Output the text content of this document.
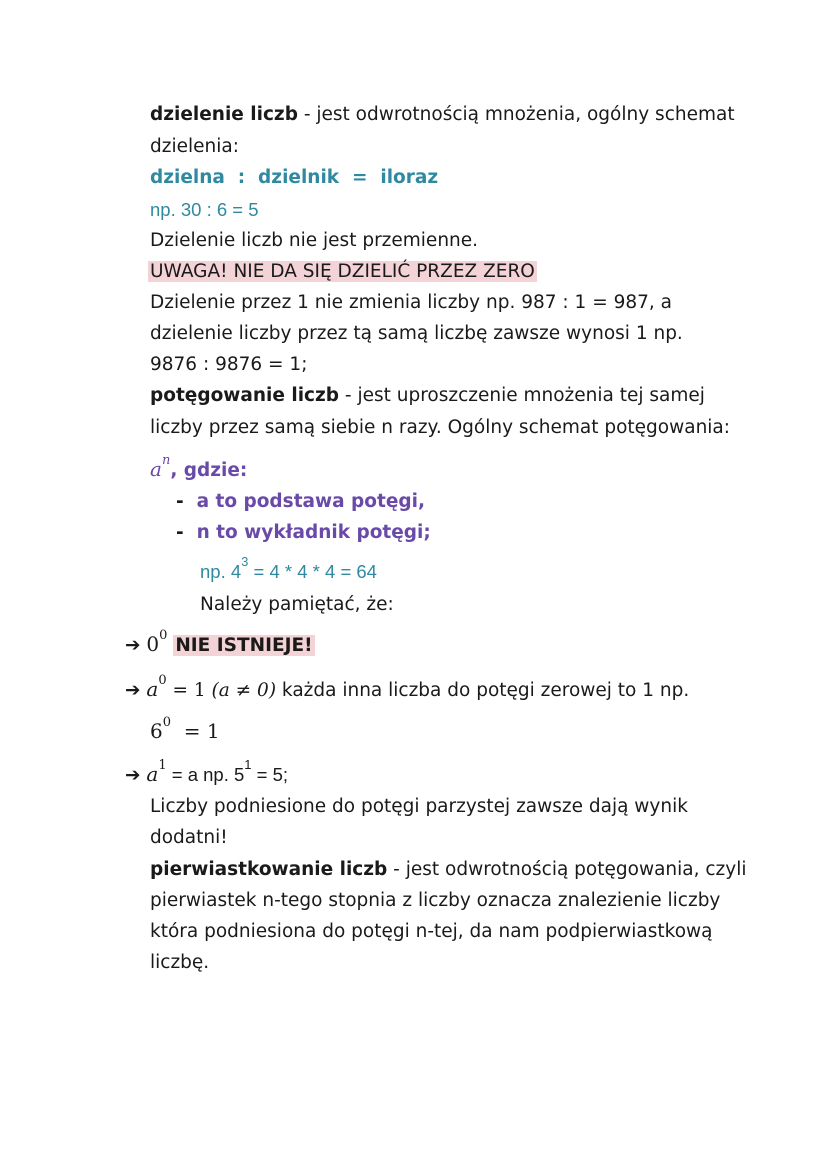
dzielenie liczb - jest odwrotnością mnożenia, ogólny schemat
dzielenia:
dzielna  :  dzielnik  =  iloraz
np. 30 : 6 = 5
Dzielenie liczb nie jest przemienne.
UWAGA! NIE DA SIĘ DZIELIĆ PRZEZ ZERO
Dzielenie przez 1 nie zmienia liczby np. 987 : 1 = 987, a
dzielenie liczby przez tą samą liczbę zawsze wynosi 1 np.
9876 : 9876 = 1;
potęgowanie liczb - jest uproszczenie mnożenia tej samej
liczby przez samą siebie n razy. Ogólny schemat potęgowania:
$a^n$, gdzie:
-  a to podstawa potęgi,
-  n to wykładnik potęgi;
np. $4^3 = 4 * 4 * 4 = 64$
Należy pamiętać, że:
➔ $0^0$ NIE ISTNIEJE!
➔ $a^0 = 1$ (a ≠ 0) każda inna liczba do potęgi zerowej to 1 np.
$6^0 = 1$
➔ $a^1 = a$ np. $5^1 = 5$;
Liczby podniesione do potęgi parzystej zawsze dają wynik
dodatni!
pierwiastkowanie liczb - jest odwrotnością potęgowania, czyli
pierwiastek n-tego stopnia z liczby oznacza znalezienie liczby
która podniesiona do potęgi n-tej, da nam podpierwiastkową
liczbę.
